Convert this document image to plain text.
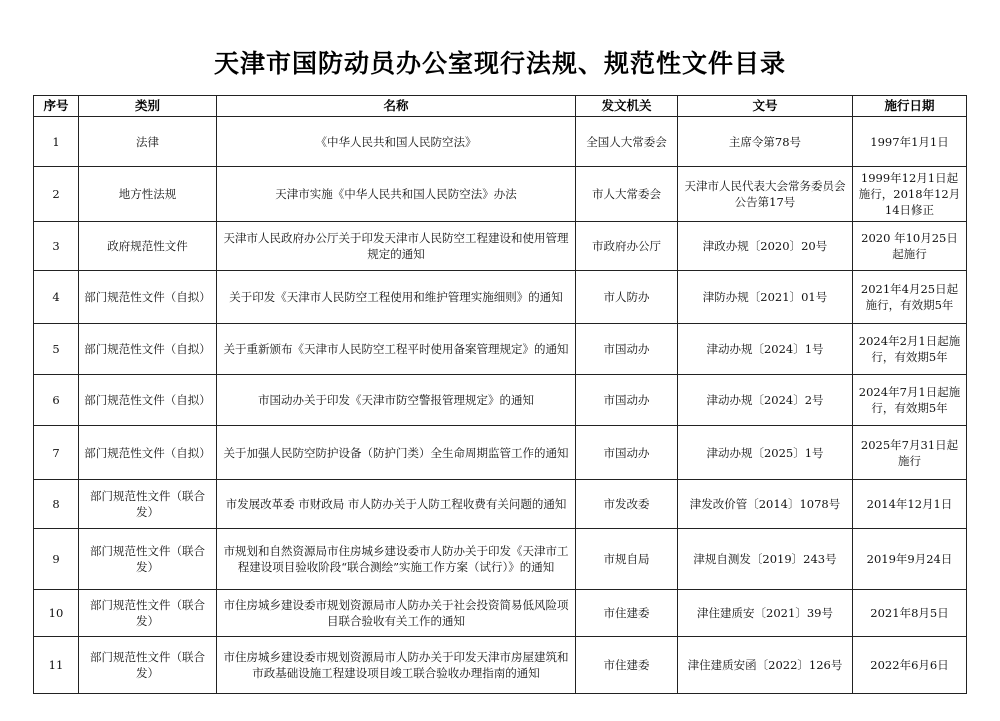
天津市国防动员办公室现行法规、规范性文件目录
序号	类别	名称	发文机关	文号	施行日期
1	法律	《中华人民共和国人民防空法》	全国人大常委会	主席令第78号	1997年1月1日
2	地方性法规	天津市实施《中华人民共和国人民防空法》办法	市人大常委会	天津市人民代表大会常务委员会公告第17号	1999年12月1日起施行，2018年12月14日修正
3	政府规范性文件	天津市人民政府办公厅关于印发天津市人民防空工程建设和使用管理规定的通知	市政府办公厅	津政办规〔2020〕20号	2020 年10月25日起施行
4	部门规范性文件（自拟）	关于印发《天津市人民防空工程使用和维护管理实施细则》的通知	市人防办	津防办规〔2021〕01号	2021年4月25日起施行，有效期5年
5	部门规范性文件（自拟）	关于重新颁布《天津市人民防空工程平时使用备案管理规定》的通知	市国动办	津动办规〔2024〕1号	2024年2月1日起施行，有效期5年
6	部门规范性文件（自拟）	市国动办关于印发《天津市防空警报管理规定》的通知	市国动办	津动办规〔2024〕2号	2024年7月1日起施行，有效期5年
7	部门规范性文件（自拟）	关于加强人民防空防护设备（防护门类）全生命周期监管工作的通知	市国动办	津动办规〔2025〕1号	2025年7月31日起施行
8	部门规范性文件（联合发）	市发展改革委 市财政局 市人防办关于人防工程收费有关问题的通知	市发改委	津发改价管〔2014〕1078号	2014年12月1日
9	部门规范性文件（联合发）	市规划和自然资源局市住房城乡建设委市人防办关于印发《天津市工程建设项目验收阶段“联合测绘”实施工作方案（试行）》的通知	市规自局	津规自测发〔2019〕243号	2019年9月24日
10	部门规范性文件（联合发）	市住房城乡建设委市规划资源局市人防办关于社会投资简易低风险项目联合验收有关工作的通知	市住建委	津住建质安〔2021〕39号	2021年8月5日
11	部门规范性文件（联合发）	市住房城乡建设委市规划资源局市人防办关于印发天津市房屋建筑和市政基础设施工程建设项目竣工联合验收办理指南的通知	市住建委	津住建质安函〔2022〕126号	2022年6月6日
